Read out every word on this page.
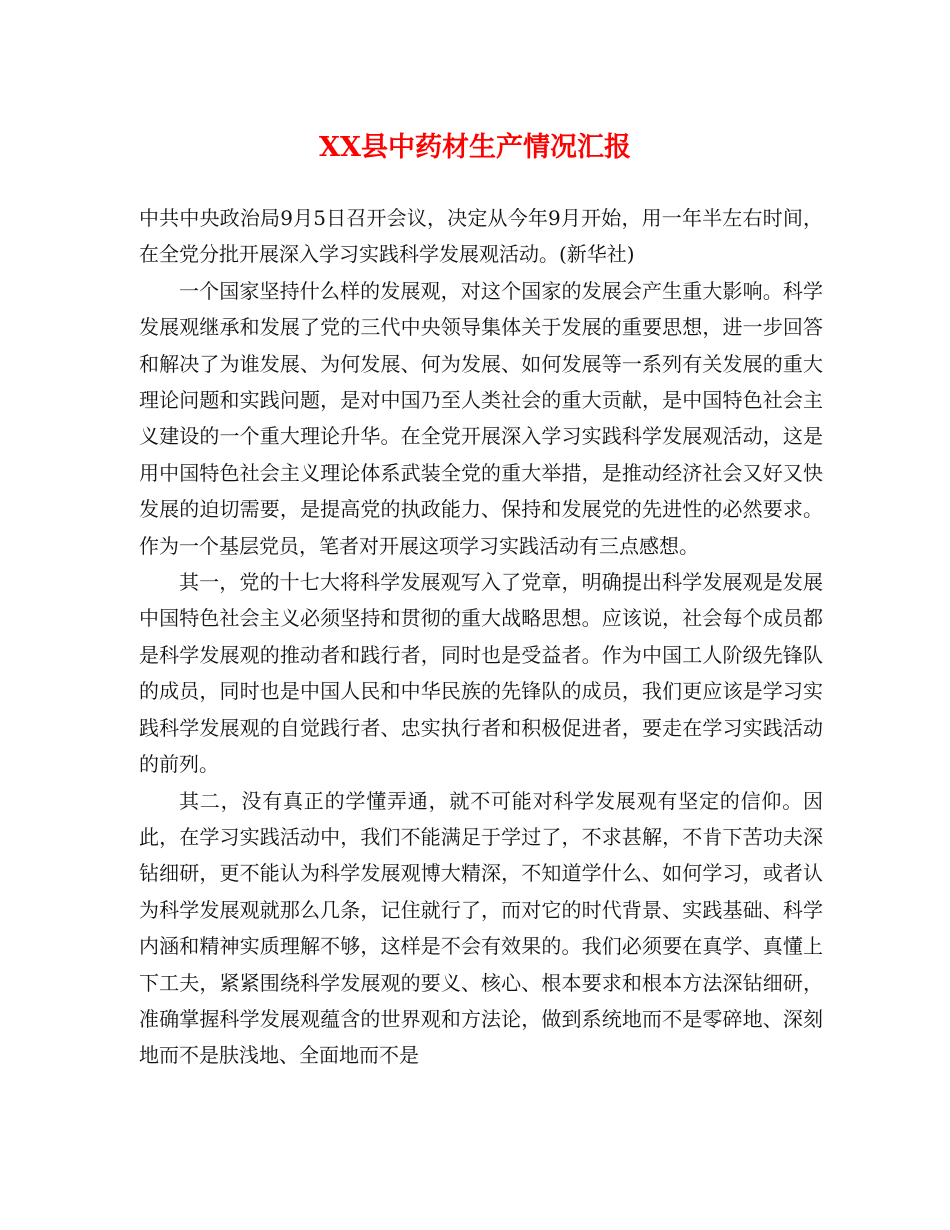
XX县中药材生产情况汇报

中共中央政治局9月5日召开会议，决定从今年9月开始，用一年半左右时间，在全党分批开展深入学习实践科学发展观活动。(新华社)

一个国家坚持什么样的发展观，对这个国家的发展会产生重大影响。科学发展观继承和发展了党的三代中央领导集体关于发展的重要思想，进一步回答和解决了为谁发展、为何发展、何为发展、如何发展等一系列有关发展的重大理论问题和实践问题，是对中国乃至人类社会的重大贡献，是中国特色社会主义建设的一个重大理论升华。在全党开展深入学习实践科学发展观活动，这是用中国特色社会主义理论体系武装全党的重大举措，是推动经济社会又好又快发展的迫切需要，是提高党的执政能力、保持和发展党的先进性的必然要求。作为一个基层党员，笔者对开展这项学习实践活动有三点感想。

其一，党的十七大将科学发展观写入了党章，明确提出科学发展观是发展中国特色社会主义必须坚持和贯彻的重大战略思想。应该说，社会每个成员都是科学发展观的推动者和践行者，同时也是受益者。作为中国工人阶级先锋队的成员，同时也是中国人民和中华民族的先锋队的成员，我们更应该是学习实践科学发展观的自觉践行者、忠实执行者和积极促进者，要走在学习实践活动的前列。

其二，没有真正的学懂弄通，就不可能对科学发展观有坚定的信仰。因此，在学习实践活动中，我们不能满足于学过了，不求甚解，不肯下苦功夫深钻细研，更不能认为科学发展观博大精深，不知道学什么、如何学习，或者认为科学发展观就那么几条，记住就行了，而对它的时代背景、实践基础、科学内涵和精神实质理解不够，这样是不会有效果的。我们必须要在真学、真懂上下工夫，紧紧围绕科学发展观的要义、核心、根本要求和根本方法深钻细研，准确掌握科学发展观蕴含的世界观和方法论，做到系统地而不是零碎地、深刻地而不是肤浅地、全面地而不是
